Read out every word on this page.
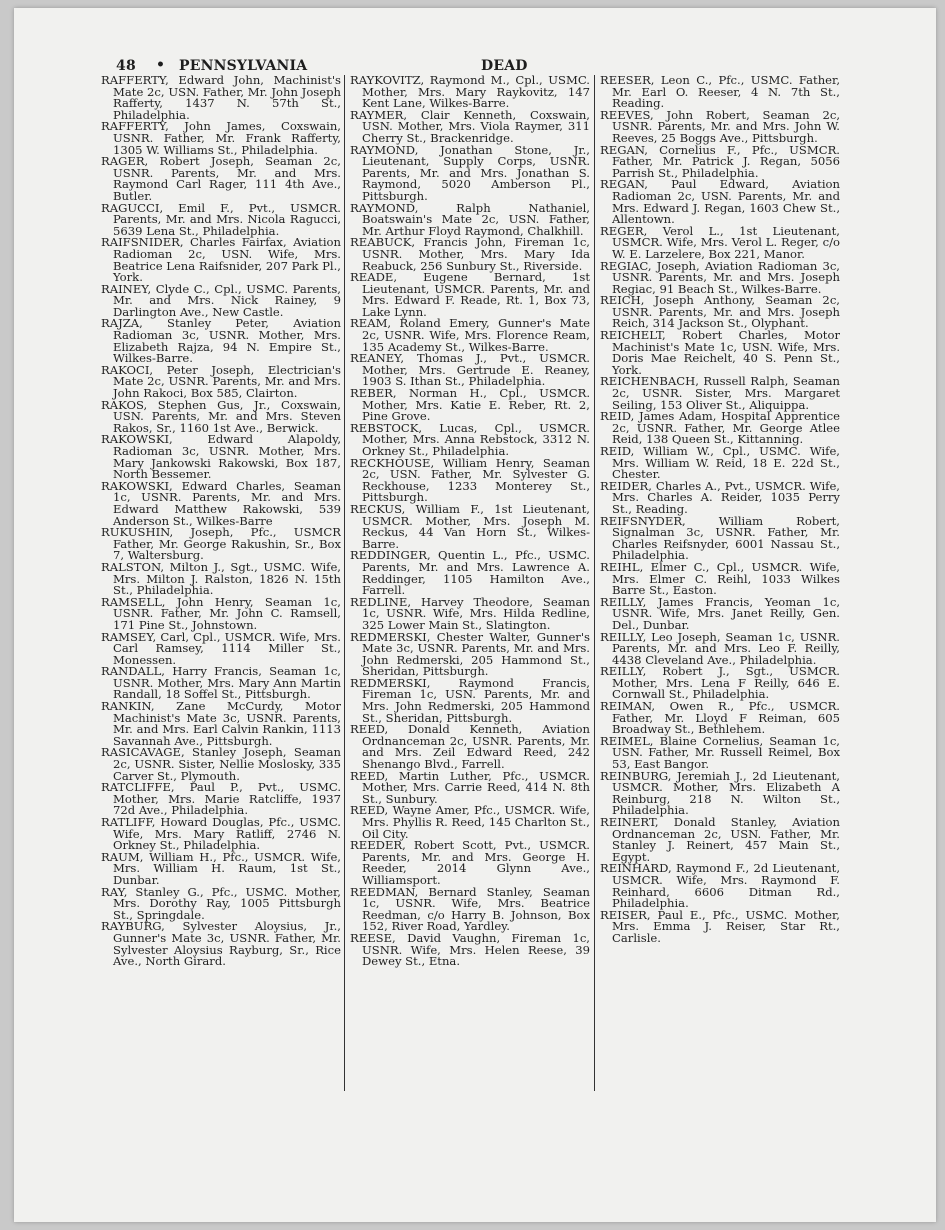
48 • PENNSYLVANIA	DEAD

RAFFERTY, Edward John, Machinist's Mate 2c, USN. Father, Mr. John Joseph Rafferty, 1437 N. 57th St., Philadelphia.

RAFFERTY, John James, Coxswain, USNR. Father, Mr. Frank Rafferty, 1305 W. Williams St., Philadelphia.

RAGER, Robert Joseph, Seaman 2c, USNR. Parents, Mr. and Mrs. Raymond Carl Rager, 111 4th Ave., Butler.

RAGUCCI, Emil F., Pvt., USMCR. Parents, Mr. and Mrs. Nicola Ragucci, 5639 Lena St., Philadelphia.

RAIFSNIDER, Charles Fairfax, Aviation Radioman 2c, USN. Wife, Mrs. Beatrice Lena Raifsnider, 207 Park Pl., York.

RAINEY, Clyde C., Cpl., USMC. Parents, Mr. and Mrs. Nick Rainey, 9 Darlington Ave., New Castle.

RAJZA, Stanley Peter, Aviation Radioman 3c, USNR. Mother, Mrs. Elizabeth Rajza, 94 N. Empire St., Wilkes-Barre.

RAKOCI, Peter Joseph, Electrician's Mate 2c, USNR. Parents, Mr. and Mrs. John Rakoci, Box 585, Clairton.

RAKOS, Stephen Gus, Jr., Coxswain, USN. Parents, Mr. and Mrs. Steven Rakos, Sr., 1160 1st Ave., Berwick.

RAKOWSKI, Edward Alapoldy, Radioman 3c, USNR. Mother, Mrs. Mary Jankowski Rakowski, Box 187, North Bessemer.

RAKOWSKI, Edward Charles, Seaman 1c, USNR. Parents, Mr. and Mrs. Edward Matthew Rakowski, 539 Anderson St., Wilkes-Barre

RUKUSHIN, Joseph, Pfc., USMCR Father, Mr. George Rakushin, Sr., Box 7, Waltersburg.

RALSTON, Milton J., Sgt., USMC. Wife, Mrs. Milton J. Ralston, 1826 N. 15th St., Philadelphia.

RAMSELL, John Henry, Seaman 1c, USNR. Father, Mr. John C. Ramsell, 171 Pine St., Johnstown.

RAMSEY, Carl, Cpl., USMCR. Wife, Mrs. Carl Ramsey, 1114 Miller St., Monessen.

RANDALL, Harry Francis, Seaman 1c, USNR. Mother, Mrs. Mary Ann Martin Randall, 18 Soffel St., Pittsburgh.

RANKIN, Zane McCurdy, Motor Machinist's Mate 3c, USNR. Parents, Mr. and Mrs. Earl Calvin Rankin, 1113 Savannah Ave., Pittsburgh.

RASICAVAGE, Stanley Joseph, Seaman 2c, USNR. Sister, Nellie Moslosky, 335 Carver St., Plymouth.

RATCLIFFE, Paul P., Pvt., USMC. Mother, Mrs. Marie Ratcliffe, 1937 72d Ave., Philadelphia.

RATLIFF, Howard Douglas, Pfc., USMC. Wife, Mrs. Mary Ratliff, 2746 N. Orkney St., Philadelphia.

RAUM, William H., Pfc., USMCR. Wife, Mrs. William H. Raum, 1st St., Dunbar.

RAY, Stanley G., Pfc., USMC. Mother, Mrs. Dorothy Ray, 1005 Pittsburgh St., Springdale.

RAYBURG, Sylvester Aloysius, Jr., Gunner's Mate 3c, USNR. Father, Mr. Sylvester Aloysius Rayburg, Sr., Rice Ave., North Girard.

RAYKOVITZ, Raymond M., Cpl., USMC. Mother, Mrs. Mary Raykovitz, 147 Kent Lane, Wilkes-Barre.

RAYMER, Clair Kenneth, Coxswain, USN. Mother, Mrs. Viola Raymer, 311 Cherry St., Brackenridge.

RAYMOND, Jonathan Stone, Jr., Lieutenant, Supply Corps, USNR. Parents, Mr. and Mrs. Jonathan S. Raymond, 5020 Amberson Pl., Pittsburgh.

RAYMOND, Ralph Nathaniel, Boatswain's Mate 2c, USN. Father, Mr. Arthur Floyd Raymond, Chalkhill.

REABUCK, Francis John, Fireman 1c, USNR. Mother, Mrs. Mary Ida Reabuck, 256 Sunbury St., Riverside.

READE, Eugene Bernard, 1st Lieutenant, USMCR. Parents, Mr. and Mrs. Edward F. Reade, Rt. 1, Box 73, Lake Lynn.

REAM, Roland Emery, Gunner's Mate 2c, USNR. Wife, Mrs. Florence Ream, 135 Academy St., Wilkes-Barre.

REANEY, Thomas J., Pvt., USMCR. Mother, Mrs. Gertrude E. Reaney, 1903 S. Ithan St., Philadelphia.

REBER, Norman H., Cpl., USMCR. Mother, Mrs. Katie E. Reber, Rt. 2, Pine Grove.

REBSTOCK, Lucas, Cpl., USMCR. Mother, Mrs. Anna Rebstock, 3312 N. Orkney St., Philadelphia.

RECKHOUSE, William Henry, Seaman 2c, USN. Father, Mr. Sylvester G. Reckhouse, 1233 Monterey St., Pittsburgh.

RECKUS, William F., 1st Lieutenant, USMCR. Mother, Mrs. Joseph M. Reckus, 44 Van Horn St., Wilkes-Barre.

REDDINGER, Quentin L., Pfc., USMC. Parents, Mr. and Mrs. Lawrence A. Reddinger, 1105 Hamilton Ave., Farrell.

REDLINE, Harvey Theodore, Seaman 1c, USNR. Wife, Mrs. Hilda Redline, 325 Lower Main St., Slatington.

REDMERSKI, Chester Walter, Gunner's Mate 3c, USNR. Parents, Mr. and Mrs. John Redmerski, 205 Hammond St., Sheridan, Pittsburgh.

REDMERSKI, Raymond Francis, Fireman 1c, USN. Parents, Mr. and Mrs. John Redmerski, 205 Hammond St., Sheridan, Pittsburgh.

REED, Donald Kenneth, Aviation Ordnanceman 2c, USNR. Parents, Mr. and Mrs. Zeil Edward Reed, 242 Shenango Blvd., Farrell.

REED, Martin Luther, Pfc., USMCR. Mother, Mrs. Carrie Reed, 414 N. 8th St., Sunbury.

REED, Wayne Amer, Pfc., USMCR. Wife, Mrs. Phyllis R. Reed, 145 Charlton St., Oil City.

REEDER, Robert Scott, Pvt., USMCR. Parents, Mr. and Mrs. George H. Reeder, 2014 Glynn Ave., Williamsport.

REEDMAN, Bernard Stanley, Seaman 1c, USNR. Wife, Mrs. Beatrice Reedman, c/o Harry B. Johnson, Box 152, River Road, Yardley.

REESE, David Vaughn, Fireman 1c, USNR. Wife, Mrs. Helen Reese, 39 Dewey St., Etna.

REESER, Leon C., Pfc., USMC. Father, Mr. Earl O. Reeser, 4 N. 7th St., Reading.

REEVES, John Robert, Seaman 2c, USNR. Parents, Mr. and Mrs. John W. Reeves, 25 Boggs Ave., Pittsburgh.

REGAN, Cornelius F., Pfc., USMCR. Father, Mr. Patrick J. Regan, 5056 Parrish St., Philadelphia.

REGAN, Paul Edward, Aviation Radioman 2c, USN. Parents, Mr. and Mrs. Edward J. Regan, 1603 Chew St., Allentown.

REGER, Verol L., 1st Lieutenant, USMCR. Wife, Mrs. Verol L. Reger, c/o W. E. Larzelere, Box 221, Manor.

REGIAC, Joseph, Aviation Radioman 3c, USNR. Parents, Mr. and Mrs. Joseph Regiac, 91 Beach St., Wilkes-Barre.

REICH, Joseph Anthony, Seaman 2c, USNR. Parents, Mr. and Mrs. Joseph Reich, 314 Jackson St., Olyphant.

REICHELT, Robert Charles, Motor Machinist's Mate 1c, USN. Wife, Mrs. Doris Mae Reichelt, 40 S. Penn St., York.

REICHENBACH, Russell Ralph, Seaman 2c, USNR. Sister, Mrs. Margaret Seiling, 153 Oliver St., Aliquippa.

REID, James Adam, Hospital Apprentice 2c, USNR. Father, Mr. George Atlee Reid, 138 Queen St., Kittanning.

REID, William W., Cpl., USMC. Wife, Mrs. William W. Reid, 18 E. 22d St., Chester.

REIDER, Charles A., Pvt., USMCR. Wife, Mrs. Charles A. Reider, 1035 Perry St., Reading.

REIFSNYDER, William Robert, Signalman 3c, USNR. Father, Mr. Charles Reifsnyder, 6001 Nassau St., Philadelphia.

REIHL, Elmer C., Cpl., USMCR. Wife, Mrs. Elmer C. Reihl, 1033 Wilkes Barre St., Easton.

REILLY, James Francis, Yeoman 1c, USNR. Wife, Mrs. Janet Reilly, Gen. Del., Dunbar.

REILLY, Leo Joseph, Seaman 1c, USNR. Parents, Mr. and Mrs. Leo F. Reilly, 4438 Cleveland Ave., Philadelphia.

REILLY, Robert J., Sgt., USMCR. Mother, Mrs. Lena F Reilly, 646 E. Cornwall St., Philadelphia.

REIMAN, Owen R., Pfc., USMCR. Father, Mr. Lloyd F Reiman, 605 Broadway St., Bethlehem.

REIMEL, Blaine Cornelius, Seaman 1c, USN. Father, Mr. Russell Reimel, Box 53, East Bangor.

REINBURG, Jeremiah J., 2d Lieutenant, USMCR. Mother, Mrs. Elizabeth A Reinburg, 218 N. Wilton St., Philadelphia.

REINERT, Donald Stanley, Aviation Ordnanceman 2c, USN. Father, Mr. Stanley J. Reinert, 457 Main St., Egypt.

REINHARD, Raymond F., 2d Lieutenant, USMCR. Wife, Mrs. Raymond F. Reinhard, 6606 Ditman Rd., Philadelphia.

REISER, Paul E., Pfc., USMC. Mother, Mrs. Emma J. Reiser, Star Rt., Carlisle.
